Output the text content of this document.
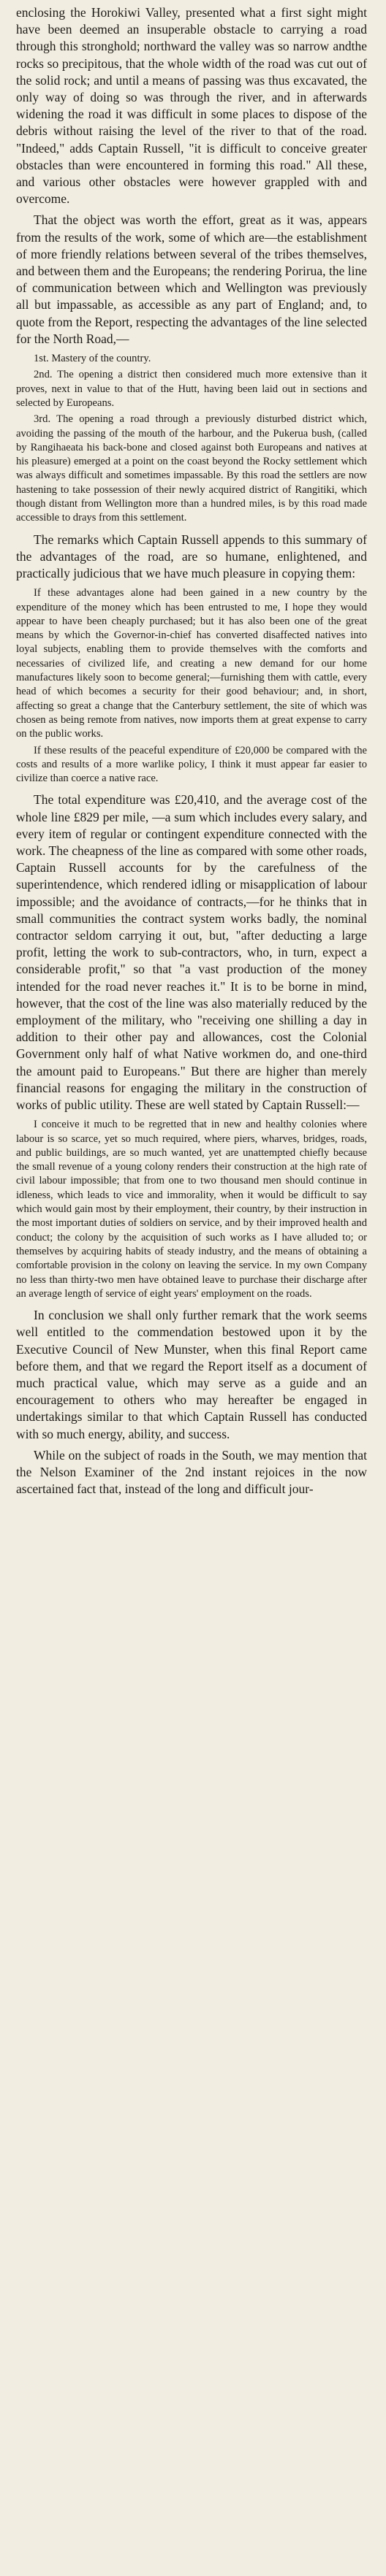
enclosing the Horokiwi Valley, presented what a first sight might have been deemed an insuperable obstacle to carrying a road through this stronghold; northward the valley was so narrow andthe rocks so precipitous, that the whole width of the road was cut out of the solid rock; and until a means of passing was thus excavated, the only way of doing so was through the river, and in afterwards widening the road it was difficult in some places to dispose of the debris without raising the level of the river to that of the road. "Indeed," adds Captain Russell, "it is difficult to conceive greater obstacles than were encountered in forming this road." All these, and various other obstacles were however grappled with and overcome.

That the object was worth the effort, great as it was, appears from the results of the work, some of which are—the establishment of more friendly relations between several of the tribes themselves, and between them and the Europeans; the rendering Porirua, the line of communication between which and Wellington was previously all but impassable, as accessible as any part of England; and, to quote from the Report, respecting the advantages of the line selected for the North Road,—

1st. Mastery of the country.

2nd. The opening a district then considered much more extensive than it proves, next in value to that of the Hutt, having been laid out in sections and selected by Europeans.

3rd. The opening a road through a previously disturbed district which, avoiding the passing of the mouth of the harbour, and the Pukerua bush, (called by Rangihaeata his back-bone and closed against both Europeans and natives at his pleasure) emerged at a point on the coast beyond the Rocky settlement which was always difficult and sometimes impassable. By this road the settlers are now hastening to take possession of their newly acquired district of Rangitiki, which though distant from Wellington more than a hundred miles, is by this road made accessible to drays from this settlement.

The remarks which Captain Russell appends to this summary of the advantages of the road, are so humane, enlightened, and practically judicious that we have much pleasure in copying them:

If these advantages alone had been gained in a new country by the expenditure of the money which has been entrusted to me, I hope they would appear to have been cheaply purchased; but it has also been one of the great means by which the Governor-in-chief has converted disaffected natives into loyal subjects, enabling them to provide themselves with the comforts and necessaries of civilized life, and creating a new demand for our home manufactures likely soon to become general;—furnishing them with cattle, every head of which becomes a security for their good behaviour; and, in short, affecting so great a change that the Canterbury settlement, the site of which was chosen as being remote from natives, now imports them at great expense to carry on the public works.

If these results of the peaceful expenditure of £20,000 be compared with the costs and results of a more warlike policy, I think it must appear far easier to civilize than coerce a native race.

The total expenditure was £20,410, and the average cost of the whole line £829 per mile, —a sum which includes every salary, and every item of regular or contingent expenditure connected with the work. The cheapness of the line as compared with some other roads, Captain Russell accounts for by the carefulness of the superintendence, which rendered idling or misapplication of labour impossible; and the avoidance of contracts,—for he thinks that in small communities the contract system works badly, the nominal contractor seldom carrying it out, but, "after deducting a large profit, letting the work to sub-contractors, who, in turn, expect a considerable profit," so that "a vast production of the money intended for the road never reaches it." It is to be borne in mind, however, that the cost of the line was also materially reduced by the employment of the military, who "receiving one shilling a day in addition to their other pay and allowances, cost the Colonial Government only half of what Native workmen do, and one-third the amount paid to Europeans." But there are higher than merely financial reasons for engaging the military in the construction of works of public utility. These are well stated by Captain Russell:—

I conceive it much to be regretted that in new and healthy colonies where labour is so scarce, yet so much required, where piers, wharves, bridges, roads, and public buildings, are so much wanted, yet are unattempted chiefly because the small revenue of a young colony renders their construction at the high rate of civil labour impossible; that from one to two thousand men should continue in idleness, which leads to vice and immorality, when it would be difficult to say which would gain most by their employment, their country, by their instruction in the most important duties of soldiers on service, and by their improved health and conduct; the colony by the acquisition of such works as I have alluded to; or themselves by acquiring habits of steady industry, and the means of obtaining a comfortable provision in the colony on leaving the service. In my own Company no less than thirty-two men have obtained leave to purchase their discharge after an average length of service of eight years' employment on the roads.

In conclusion we shall only further remark that the work seems well entitled to the commendation bestowed upon it by the Executive Council of New Munster, when this final Report came before them, and that we regard the Report itself as a document of much practical value, which may serve as a guide and an encouragement to others who may hereafter be engaged in undertakings similar to that which Captain Russell has conducted with so much energy, ability, and success.

While on the subject of roads in the South, we may mention that the Nelson Examiner of the 2nd instant rejoices in the now ascertained fact that, instead of the long and difficult jour-
